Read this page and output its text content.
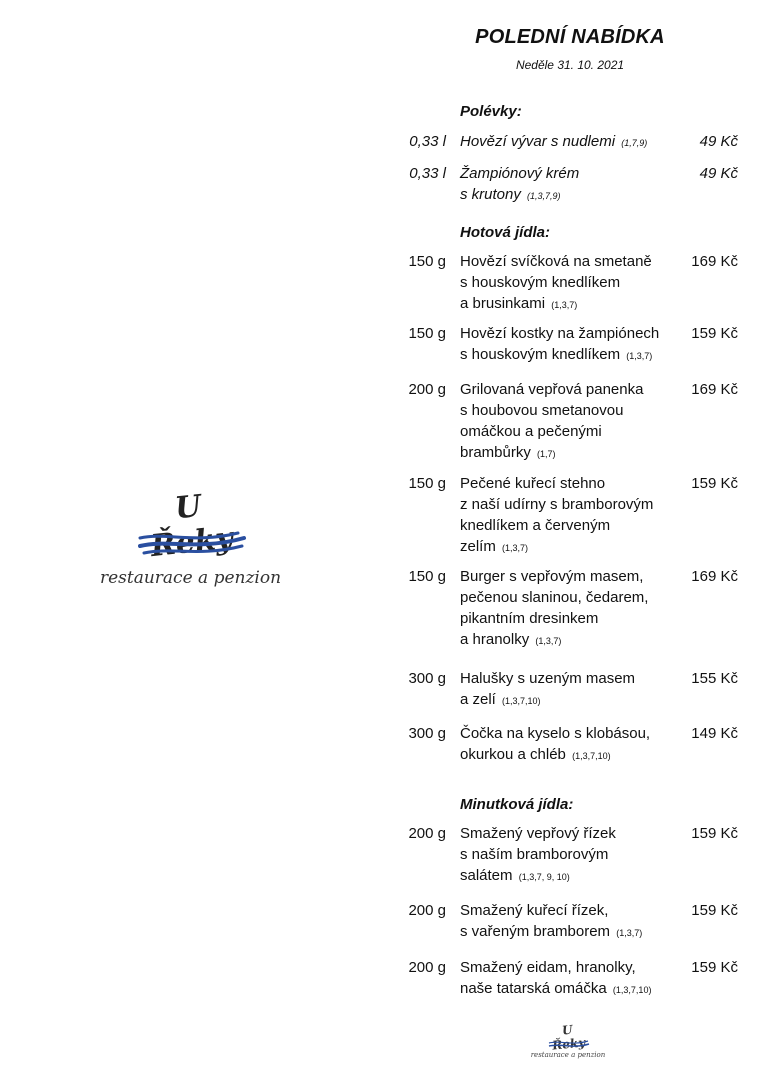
POLEDNÍ NABÍDKA
Neděle 31. 10. 2021
U Řeky
restaurace a penzion
Polévky:
0,33 l Hovězí vývar s nudlemi (1,7,9)	49 Kč
0,33 l Žampiónový krém
s krutony (1,3,7,9)
49 Kč
Hotová jídla:
150 g Hovězí svíčková na smetaně
s houskovým knedlíkem
a brusinkami (1,3,7)
169 Kč
150 g Hovězí kostky na žampiónech
s houskovým knedlíkem (1,3,7)
159 Kč
200 g Grilovaná vepřová panenka
s houbovou smetanovou
omáčkou a pečenými
brambůrky (1,7)
169 Kč
150 g Pečené kuřecí stehno
z naší udírny s bramborovým
knedlíkem a červeným
zelím (1,3,7)
159 Kč
150 g Burger s vepřovým masem,
pečenou slaninou, čedarem,
pikantním dresinkem
a hranolky (1,3,7)
169 Kč
300 g Halušky s uzeným masem
a zelí (1,3,7,10)
155 Kč
300 g Čočka na kyselo s klobásou,
okurkou a chléb (1,3,7,10)
149 Kč
Minutková jídla:
200 g Smažený vepřový řízek
s naším bramborovým
salátem (1,3,7, 9, 10)
159 Kč
200 g Smažený kuřecí řízek,
s vařeným bramborem (1,3,7)
159 Kč
200 g Smažený eidam, hranolky,
naše tatarská omáčka (1,3,7,10)
159 Kč
U Řeky
restaurace a penzion
